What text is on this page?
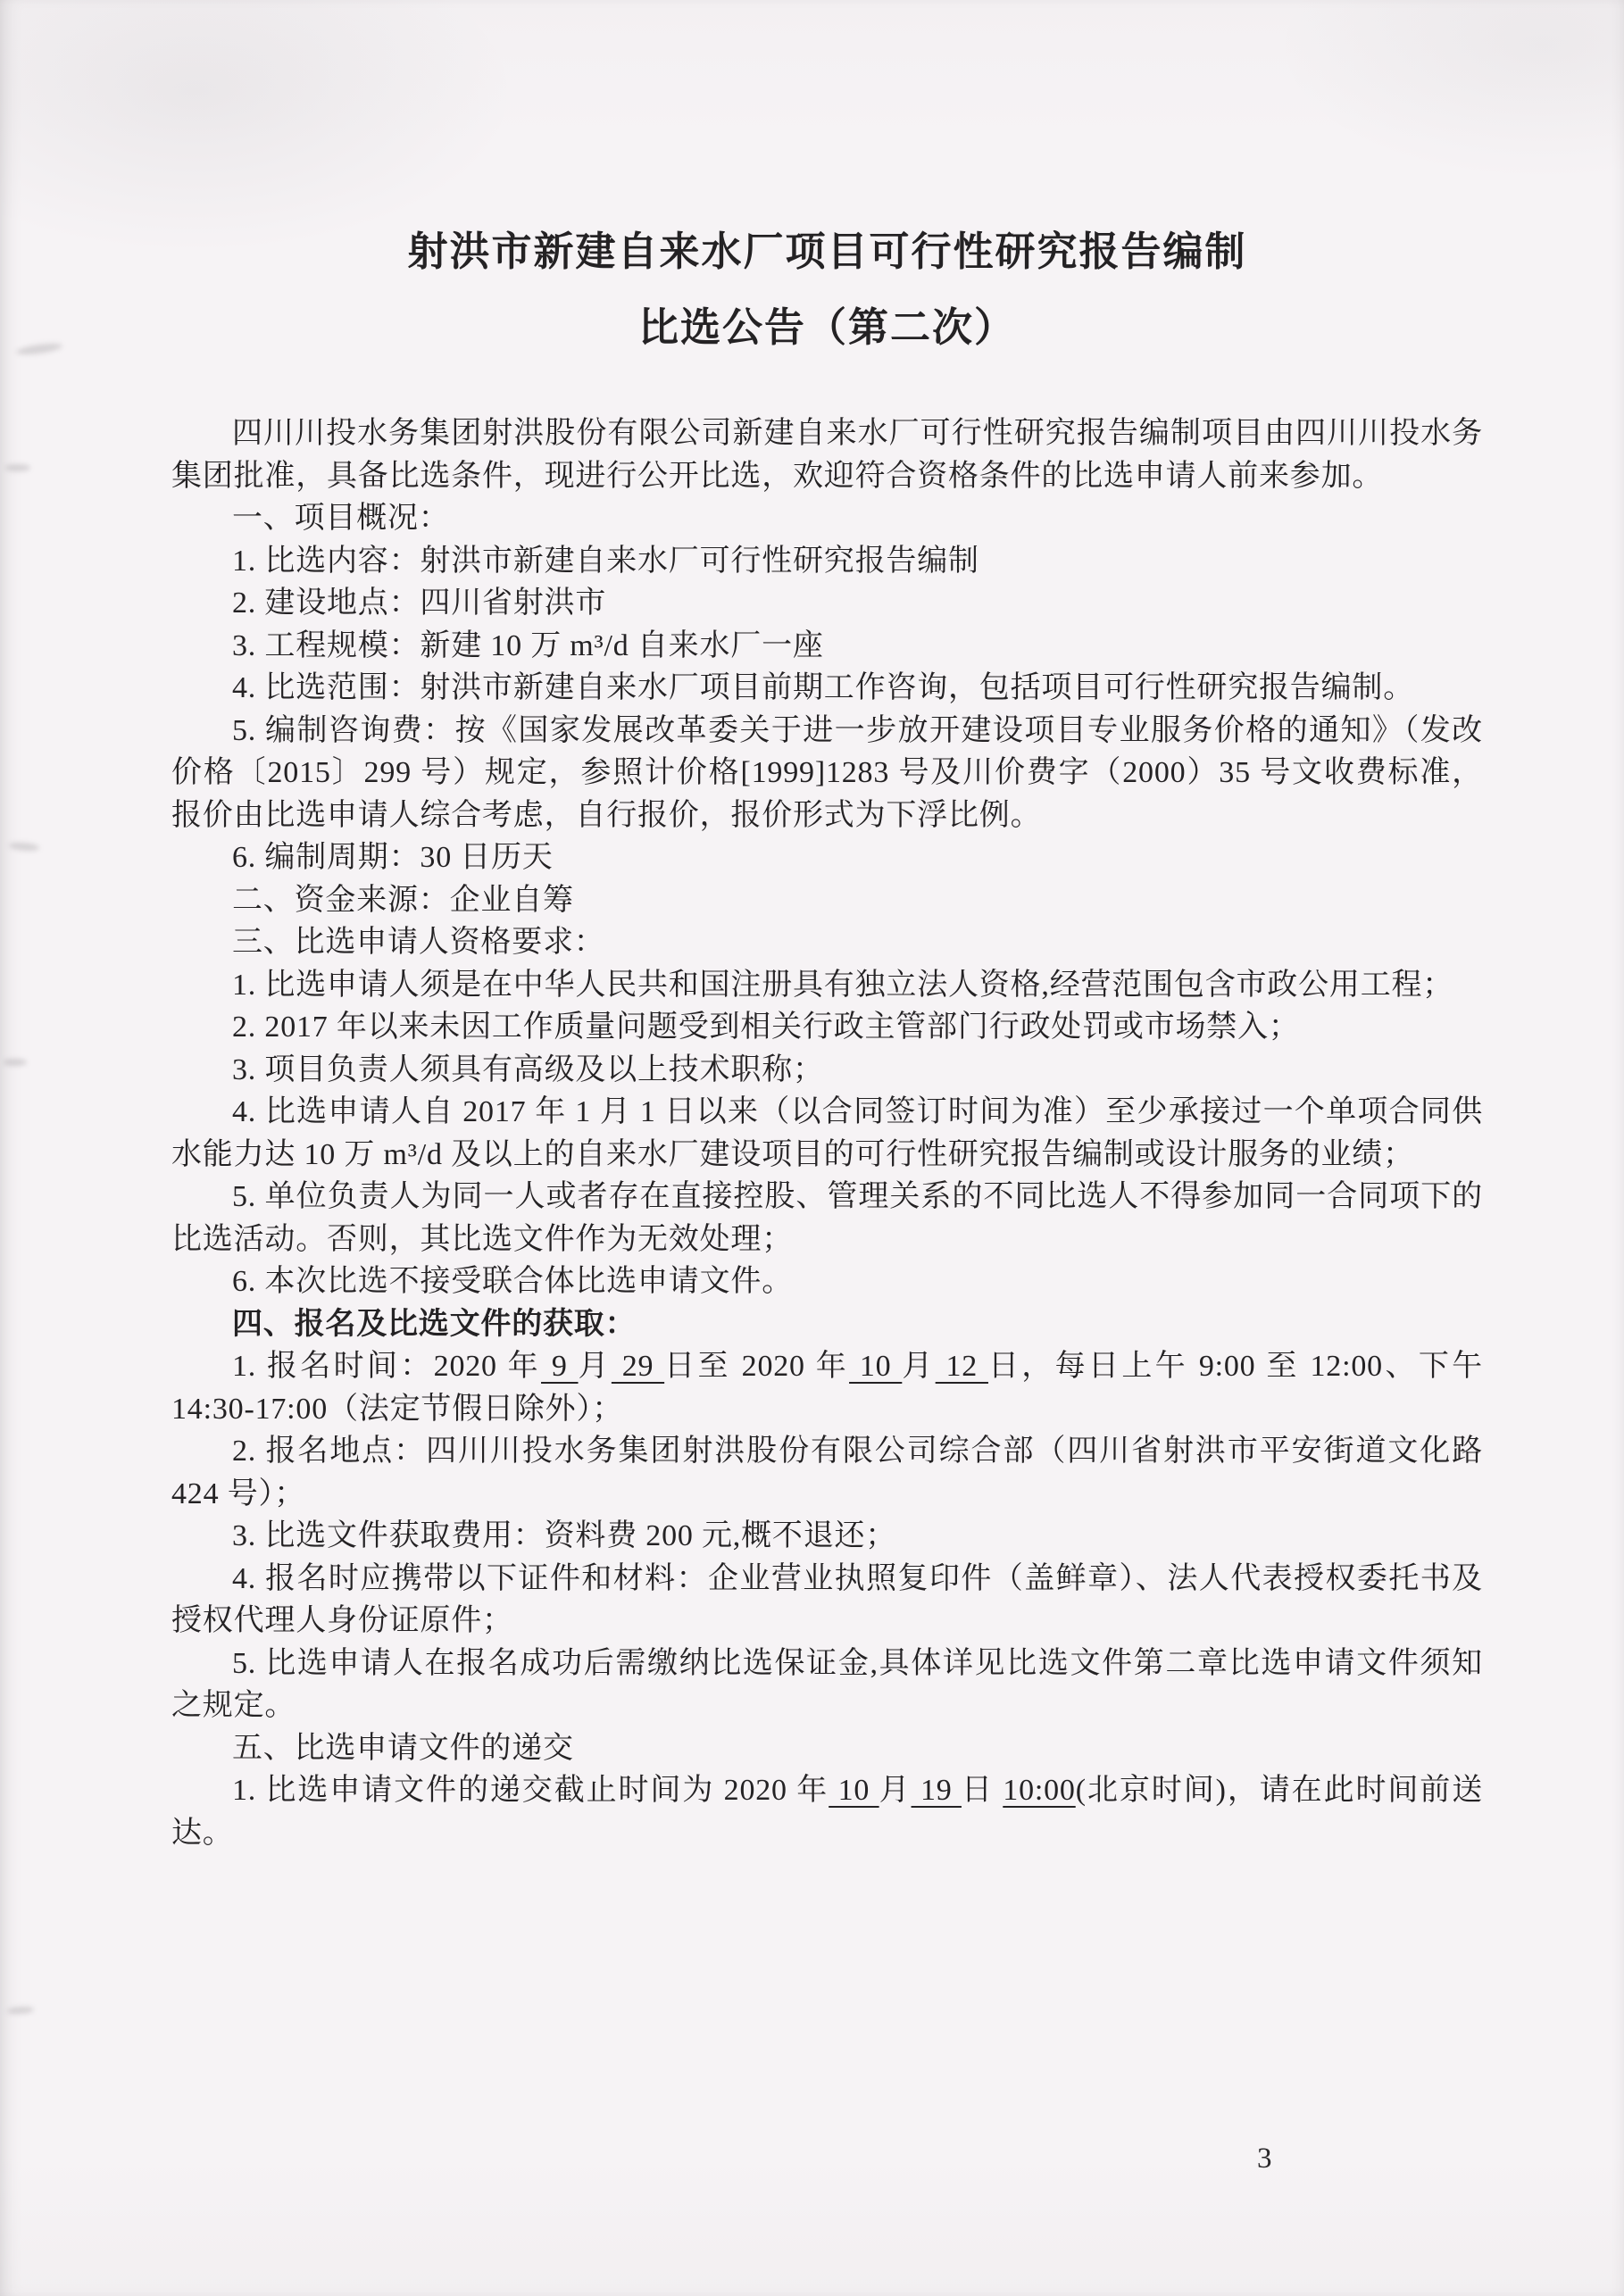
射洪市新建自来水厂项目可行性研究报告编制
比选公告（第二次）

四川川投水务集团射洪股份有限公司新建自来水厂可行性研究报告编制项目由四川川投水务集团批准，具备比选条件，现进行公开比选，欢迎符合资格条件的比选申请人前来参加。

一、项目概况：

1. 比选内容：射洪市新建自来水厂可行性研究报告编制

2. 建设地点：四川省射洪市

3. 工程规模：新建 10 万 m³/d 自来水厂一座

4. 比选范围：射洪市新建自来水厂项目前期工作咨询，包括项目可行性研究报告编制。

5. 编制咨询费：按《国家发展改革委关于进一步放开建设项目专业服务价格的通知》（发改价格〔2015〕299 号）规定，参照计价格[1999]1283 号及川价费字（2000）35 号文收费标准，报价由比选申请人综合考虑，自行报价，报价形式为下浮比例。

6. 编制周期：30 日历天

二、资金来源：企业自筹

三、比选申请人资格要求：

1. 比选申请人须是在中华人民共和国注册具有独立法人资格,经营范围包含市政公用工程；

2. 2017 年以来未因工作质量问题受到相关行政主管部门行政处罚或市场禁入；

3. 项目负责人须具有高级及以上技术职称；

4. 比选申请人自 2017 年 1 月 1 日以来（以合同签订时间为准）至少承接过一个单项合同供水能力达 10 万 m³/d 及以上的自来水厂建设项目的可行性研究报告编制或设计服务的业绩；

5. 单位负责人为同一人或者存在直接控股、管理关系的不同比选人不得参加同一合同项下的比选活动。否则，其比选文件作为无效处理；

6. 本次比选不接受联合体比选申请文件。

四、报名及比选文件的获取：

1. 报名时间：2020 年 9 月 29 日至 2020 年 10 月 12 日，每日上午 9:00 至 12:00、下午 14:30-17:00（法定节假日除外）；

2. 报名地点：四川川投水务集团射洪股份有限公司综合部（四川省射洪市平安街道文化路 424 号）；

3. 比选文件获取费用：资料费 200 元,概不退还；

4. 报名时应携带以下证件和材料：企业营业执照复印件（盖鲜章）、法人代表授权委托书及授权代理人身份证原件；

5. 比选申请人在报名成功后需缴纳比选保证金,具体详见比选文件第二章比选申请文件须知之规定。

五、比选申请文件的递交

1. 比选申请文件的递交截止时间为 2020 年 10 月 19 日 10:00(北京时间)，请在此时间前送达。

3
